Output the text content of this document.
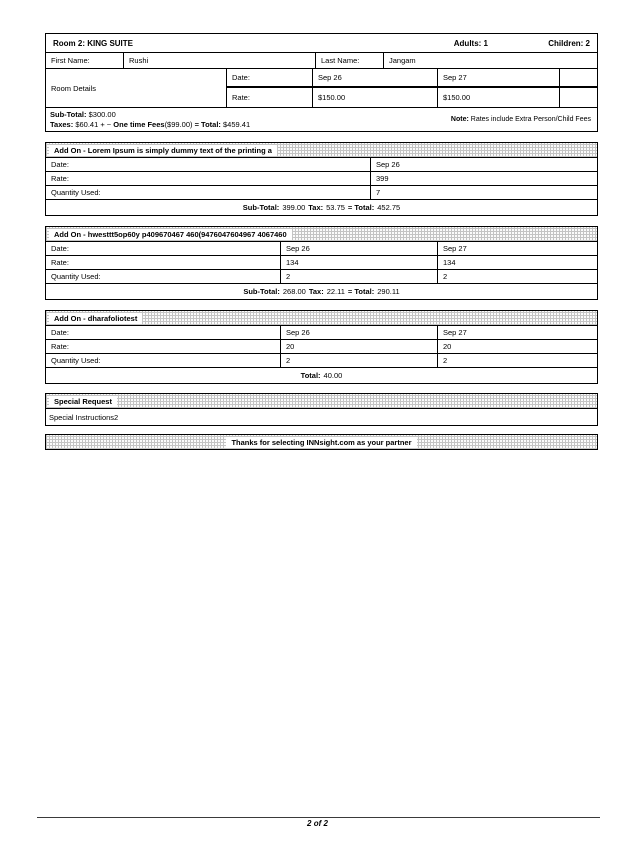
Room 2: KING SUITE	Adults: 1	Children: 2
First Name:	Rushi	Last Name:	Jangam
Room Details
Date:	Sep 26	Sep 27
Rate:	$150.00	$150.00
Sub-Total: $300.00
Taxes: $60.41 + ~ One time Fees($99.00) = Total: $459.41	Note: Rates include Extra Person/Child Fees
Add On - Lorem Ipsum is simply dummy text of the printing a
Date:	Sep 26
Rate:	399
Quantity Used:	7
Sub-Total: 399.00 Tax: 53.75 = Total: 452.75
Add On - hwesttt5op60y p409670467 460(9476047604967 4067460
Date:	Sep 26	Sep 27
Rate:	134	134
Quantity Used:	2	2
Sub-Total: 268.00 Tax: 22.11 = Total: 290.11
Add On - dharafoliotest
Date:	Sep 26	Sep 27
Rate:	20	20
Quantity Used:	2	2
Total: 40.00
Special Request
Special Instructions2
Thanks for selecting INNsight.com as your partner
2 of 2
